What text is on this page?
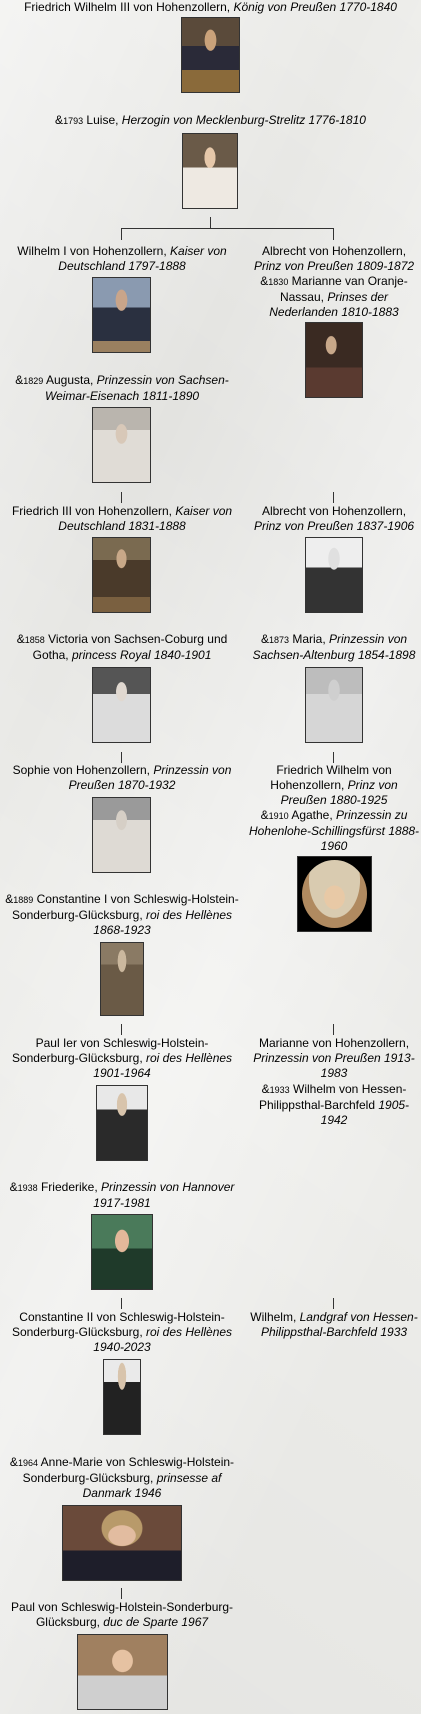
Friedrich Wilhelm III von Hohenzollern, König von Preußen 1770-1840
&1793 Luise, Herzogin von Mecklenburg-Strelitz 1776-1810
Wilhelm I von Hohenzollern, Kaiser von Deutschland 1797-1888
&1829 Augusta, Prinzessin von Sachsen-Weimar-Eisenach 1811-1890
Albrecht von Hohenzollern, Prinz von Preußen 1809-1872
&1830 Marianne van Oranje-Nassau, Prinses der Nederlanden 1810-1883
Friedrich III von Hohenzollern, Kaiser von Deutschland 1831-1888
&1858 Victoria von Sachsen-Coburg und Gotha, princess Royal 1840-1901
Albrecht von Hohenzollern, Prinz von Preußen 1837-1906
&1873 Maria, Prinzessin von Sachsen-Altenburg 1854-1898
Sophie von Hohenzollern, Prinzessin von Preußen 1870-1932
&1889 Constantine I von Schleswig-Holstein-Sonderburg-Glücksburg, roi des Hellènes 1868-1923
Friedrich Wilhelm von Hohenzollern, Prinz von Preußen 1880-1925
&1910 Agathe, Prinzessin zu Hohenlohe-Schillingsfürst 1888-1960
Paul Ier von Schleswig-Holstein-Sonderburg-Glücksburg, roi des Hellènes 1901-1964
&1938 Friederike, Prinzessin von Hannover 1917-1981
Marianne von Hohenzollern, Prinzessin von Preußen 1913-1983
&1933 Wilhelm von Hessen-Philippsthal-Barchfeld 1905-1942
Constantine II von Schleswig-Holstein-Sonderburg-Glücksburg, roi des Hellènes 1940-2023
&1964 Anne-Marie von Schleswig-Holstein-Sonderburg-Glücksburg, prinsesse af Danmark 1946
Wilhelm, Landgraf von Hessen-Philippsthal-Barchfeld 1933
Paul von Schleswig-Holstein-Sonderburg-Glücksburg, duc de Sparte 1967
